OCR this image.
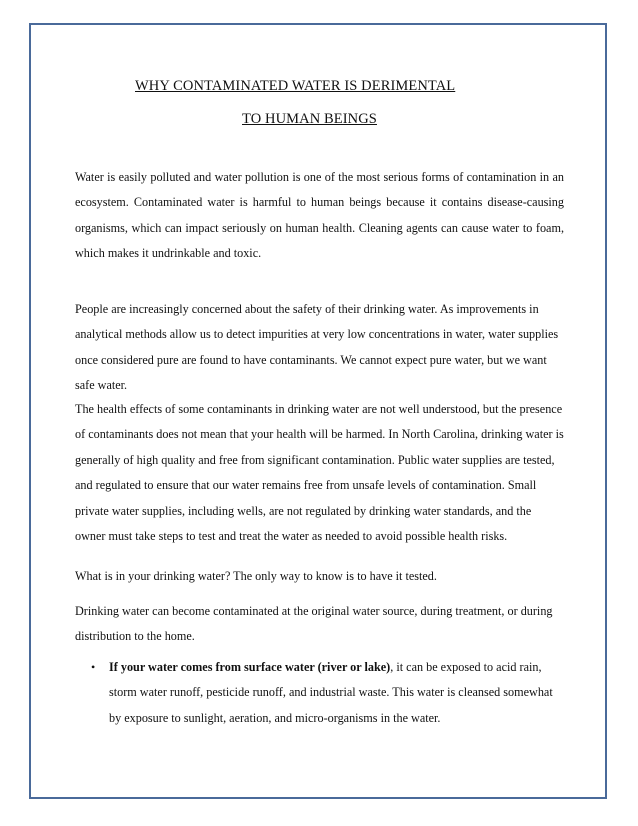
WHY CONTAMINATED WATER IS DERIMENTAL
TO HUMAN BEINGS

Water is easily polluted and water pollution is one of the most serious forms of contamination in an ecosystem. Contaminated water is harmful to human beings because it contains disease-causing organisms, which can impact seriously on human health. Cleaning agents can cause water to foam, which makes it undrinkable and toxic.

People are increasingly concerned about the safety of their drinking water. As improvements in analytical methods allow us to detect impurities at very low concentrations in water, water supplies once considered pure are found to have contaminants. We cannot expect pure water, but we want safe water.

The health effects of some contaminants in drinking water are not well understood, but the presence of contaminants does not mean that your health will be harmed. In North Carolina, drinking water is generally of high quality and free from significant contamination. Public water supplies are tested, and regulated to ensure that our water remains free from unsafe levels of contamination. Small private water supplies, including wells, are not regulated by drinking water standards, and the owner must take steps to test and treat the water as needed to avoid possible health risks.

What is in your drinking water? The only way to know is to have it tested.

Drinking water can become contaminated at the original water source, during treatment, or during distribution to the home.

• If your water comes from surface water (river or lake), it can be exposed to acid rain, storm water runoff, pesticide runoff, and industrial waste. This water is cleansed somewhat by exposure to sunlight, aeration, and micro-organisms in the water.
